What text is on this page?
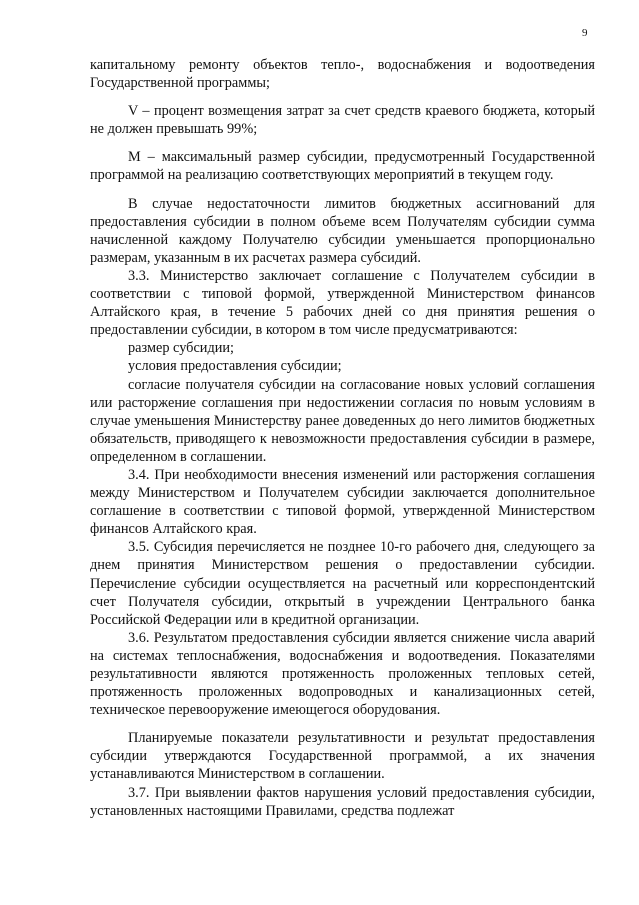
9

капитальному ремонту объектов тепло-, водоснабжения и водоотведения Государственной программы;

V – процент возмещения затрат за счет средств краевого бюджета, который не должен превышать 99%;

М – максимальный размер субсидии, предусмотренный Государственной программой на реализацию соответствующих мероприятий в текущем году.

В случае недостаточности лимитов бюджетных ассигнований для предоставления субсидии в полном объеме всем Получателям субсидии сумма начисленной каждому Получателю субсидии уменьшается пропорционально размерам, указанным в их расчетах размера субсидий.

3.3. Министерство заключает соглашение с Получателем субсидии в соответствии с типовой формой, утвержденной Министерством финансов Алтайского края, в течение 5 рабочих дней со дня принятия решения о предоставлении субсидии, в котором в том числе предусматриваются:

размер субсидии;

условия предоставления субсидии;

согласие получателя субсидии на согласование новых условий соглашения или расторжение соглашения при недостижении согласия по новым условиям в случае уменьшения Министерству ранее доведенных до него лимитов бюджетных обязательств, приводящего к невозможности предоставления субсидии в размере, определенном в соглашении.

3.4. При необходимости внесения изменений или расторжения соглашения между Министерством и Получателем субсидии заключается дополнительное соглашение в соответствии с типовой формой, утвержденной Министерством финансов Алтайского края.

3.5. Субсидия перечисляется не позднее 10-го рабочего дня, следующего за днем принятия Министерством решения о предоставлении субсидии. Перечисление субсидии осуществляется на расчетный или корреспондентский счет Получателя субсидии, открытый в учреждении Центрального банка Российской Федерации или в кредитной организации.

3.6. Результатом предоставления субсидии является снижение числа аварий на системах теплоснабжения, водоснабжения и водоотведения. Показателями результативности являются протяженность проложенных тепловых сетей, протяженность проложенных водопроводных и канализационных сетей, техническое перевооружение имеющегося оборудования.

Планируемые показатели результативности и результат предоставления субсидии утверждаются Государственной программой, а их значения устанавливаются Министерством в соглашении.

3.7. При выявлении фактов нарушения условий предоставления субсидии, установленных настоящими Правилами, средства подлежат
